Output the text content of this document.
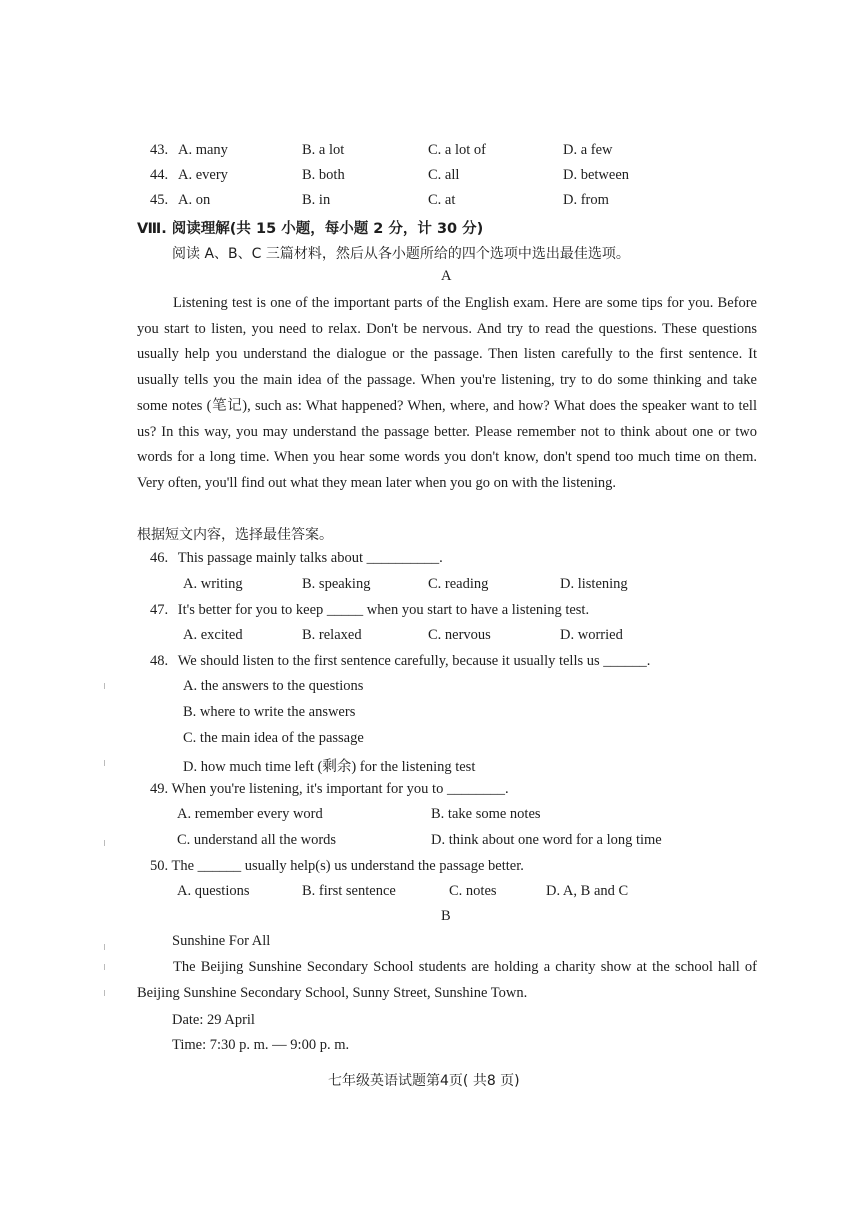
43. A. many	B. a lot	C. a lot of	D. a few
44. A. every	B. both	C. all	D. between
45. A. on	B. in	C. at	D. from
Ⅷ. 阅读理解(共 15 小题，每小题 2 分，计 30 分)
阅读 A、B、C 三篇材料，然后从各小题所给的四个选项中选出最佳选项。
A

Listening test is one of the important parts of the English exam. Here are some tips for you. Before you start to listen, you need to relax. Don't be nervous. And try to read the questions. These questions usually help you understand the dialogue or the passage. Then listen carefully to the first sentence. It usually tells you the main idea of the passage. When you're listening, try to do some thinking and take some notes (笔记), such as: What happened? When, where, and how? What does the speaker want to tell us? In this way, you may understand the passage better. Please remember not to think about one or two words for a long time. When you hear some words you don't know, don't spend too much time on them. Very often, you'll find out what they mean later when you go on with the listening.

根据短文内容，选择最佳答案。
46. This passage mainly talks about __________.
A. writing	B. speaking	C. reading	D. listening
47. It's better for you to keep _____ when you start to have a listening test.
A. excited	B. relaxed	C. nervous	D. worried
48. We should listen to the first sentence carefully, because it usually tells us ______.
A. the answers to the questions
B. where to write the answers
C. the main idea of the passage
D. how much time left (剩余) for the listening test
49. When you're listening, it's important for you to ________.
A. remember every word	B. take some notes
C. understand all the words	D. think about one word for a long time
50. The ______ usually help(s) us understand the passage better.
A. questions	B. first sentence	C. notes	D. A, B and C
B
Sunshine For All

The Beijing Sunshine Secondary School students are holding a charity show at the school hall of Beijing Sunshine Secondary School, Sunny Street, Sunshine Town.

Date: 29 April
Time: 7:30 p. m. — 9:00 p. m.
七年级英语试题第4页( 共8 页)
